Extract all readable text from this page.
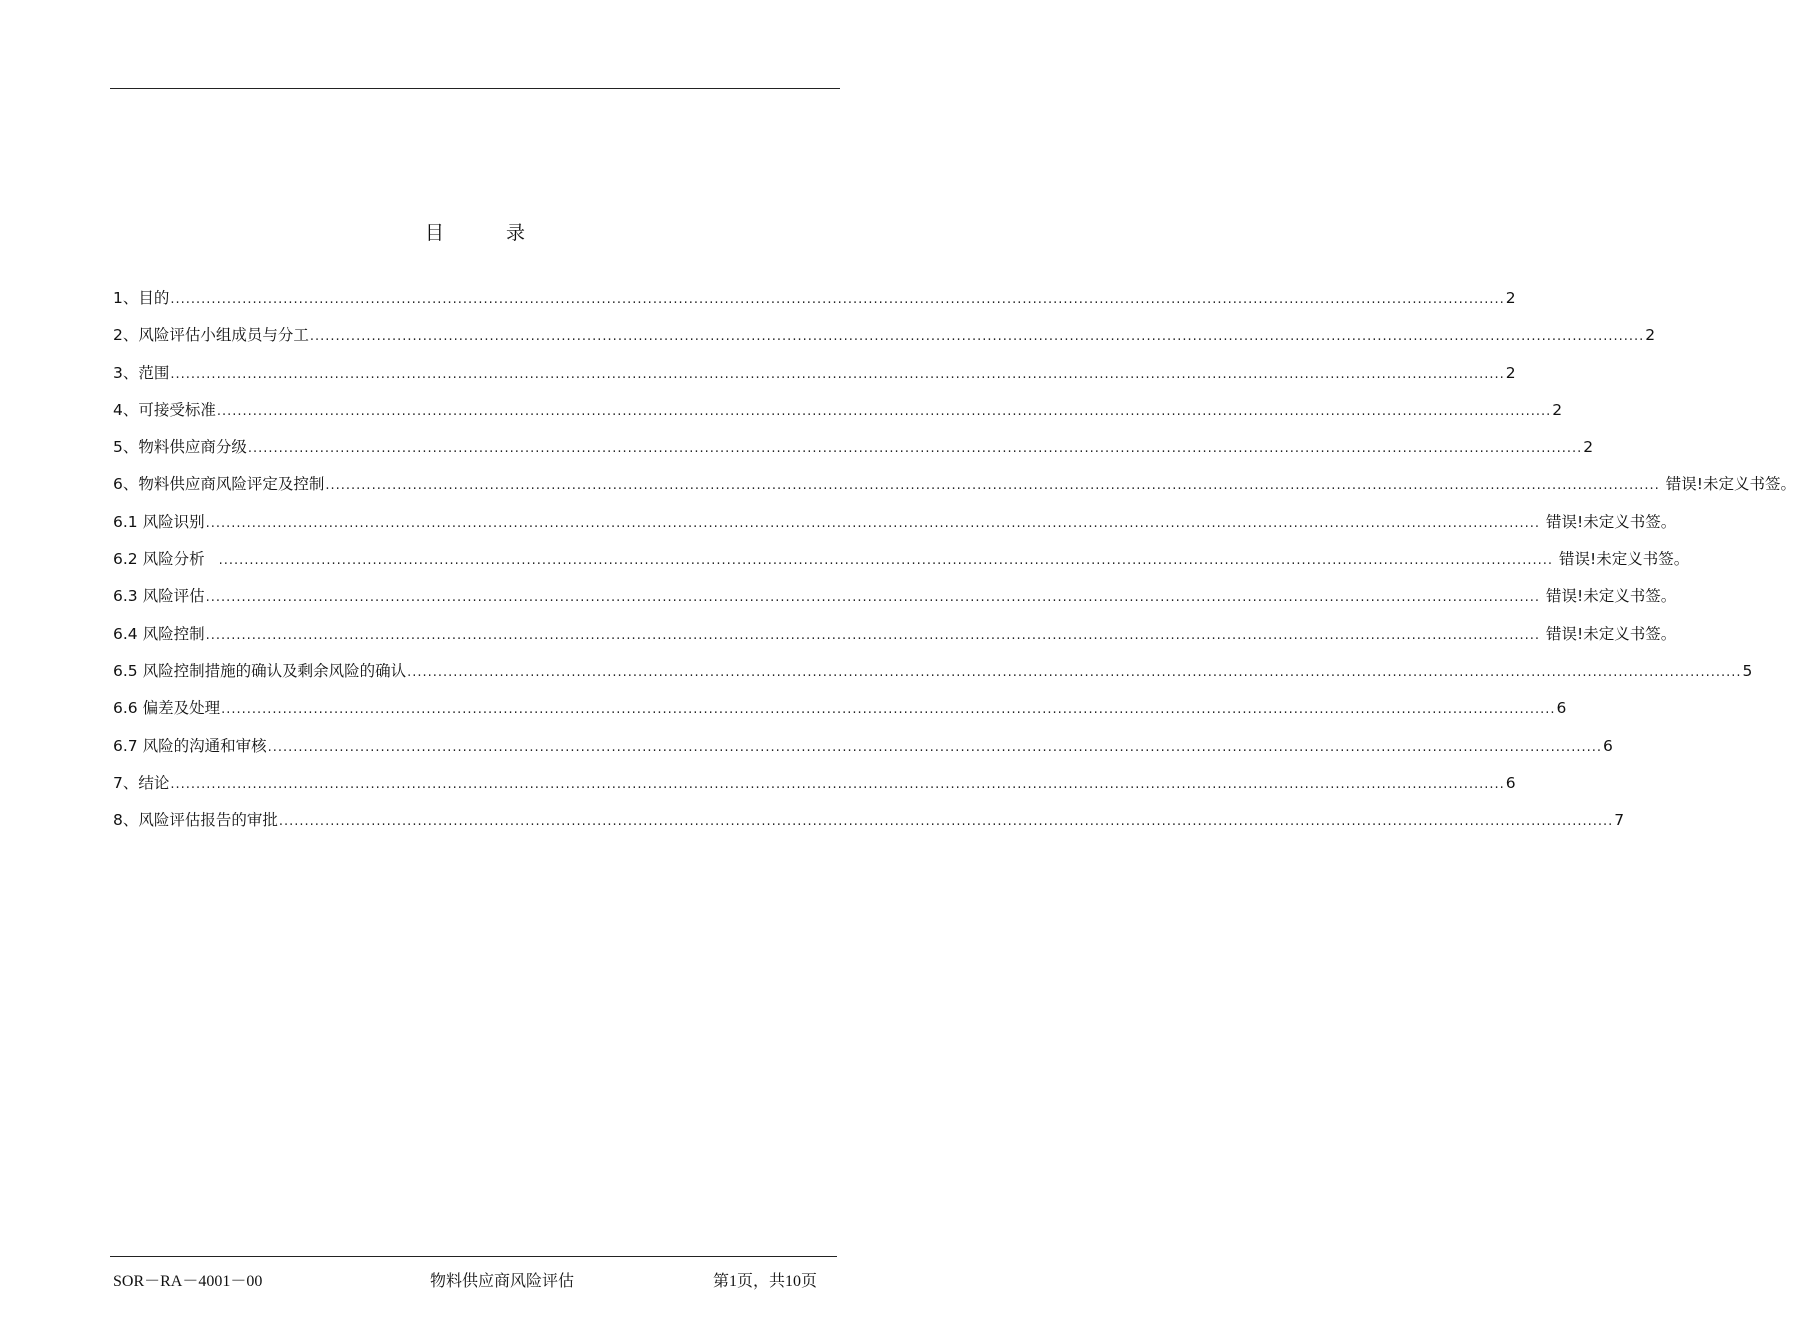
目 录
1、目的 .................................................................................................................................................................................................................................................................... 2
2、风险评估小组成员与分工 .................................................................................................................................................................................................................................................................... 2
3、范围 .................................................................................................................................................................................................................................................................... 2
4、可接受标准 .................................................................................................................................................................................................................................................................... 2
5、物料供应商分级 .................................................................................................................................................................................................................................................................... 2
6、物料供应商风险评定及控制 .................................................................................................................................................................................................................................................................... 错误!未定义书签。
6.1 风险识别 .................................................................................................................................................................................................................................................................... 错误!未定义书签。
6.2 风险分析 .................................................................................................................................................................................................................................................................... 错误!未定义书签。
6.3 风险评估 .................................................................................................................................................................................................................................................................... 错误!未定义书签。
6.4 风险控制 .................................................................................................................................................................................................................................................................... 错误!未定义书签。
6.5 风险控制措施的确认及剩余风险的确认 .................................................................................................................................................................................................................................................................... 5
6.6 偏差及处理 .................................................................................................................................................................................................................................................................... 6
6.7 风险的沟通和审核 .................................................................................................................................................................................................................................................................... 6
7、结论 .................................................................................................................................................................................................................................................................... 6
8、风险评估报告的审批 .................................................................................................................................................................................................................................................................... 7
SOR－RA－4001－00	物料供应商风险评估	第1页，共10页
